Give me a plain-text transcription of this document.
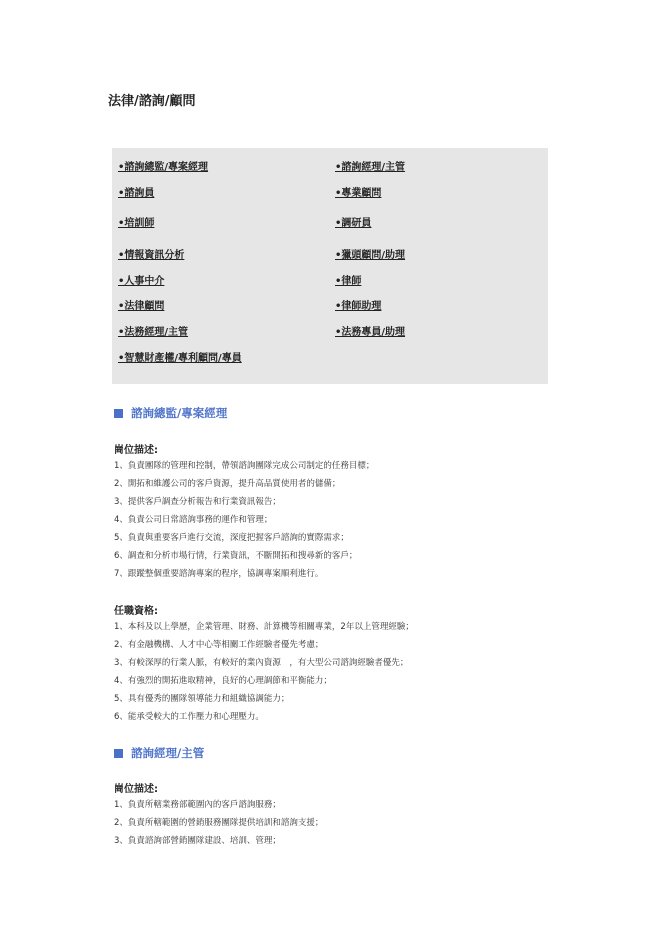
法律/諮詢/顧問
•諮詢總監/專案經理
•諮詢員
•培訓師
•情報資訊分析
•人事中介
•法律顧問
•法務經理/主管
•智慧財產權/專利顧問/專員
•諮詢經理/主管
•專業顧問
•調研員
•獵頭顧問/助理
•律師
•律師助理
•法務專員/助理
諮詢總監/專案經理

崗位描述:

1、負責團隊的管理和控制，帶領諮詢團隊完成公司制定的任務目標；

2、開拓和維護公司的客戶資源，提升高品質使用者的儲備；

3、提供客戶調查分析報告和行業資訊報告；

4、負責公司日常諮詢事務的運作和管理；

5、負責與重要客戶進行交流，深度把握客戶諮詢的實際需求；

6、調查和分析市場行情，行業資訊，不斷開拓和搜尋新的客戶；

7、跟蹤整個重要諮詢專案的程序，協調專案順利進行。

任職資格:

1、本科及以上學歷，企業管理、財務、計算機等相關專業，2年以上管理經驗；

2、有金融機構、人才中心等相關工作經驗者優先考慮；

3、有較深厚的行業人脈，有較好的業內資源　，有大型公司諮詢經驗者優先；

4、有強烈的開拓進取精神，良好的心理調節和平衡能力；

5、具有優秀的團隊領導能力和組織協調能力；

6、能承受較大的工作壓力和心理壓力。

諮詢經理/主管

崗位描述:

1、負責所轄業務部範圍內的客戶諮詢服務；

2、負責所轄範圍的營銷服務團隊提供培訓和諮詢支援；

3、負責諮詢部營銷團隊建設、培訓、管理；
